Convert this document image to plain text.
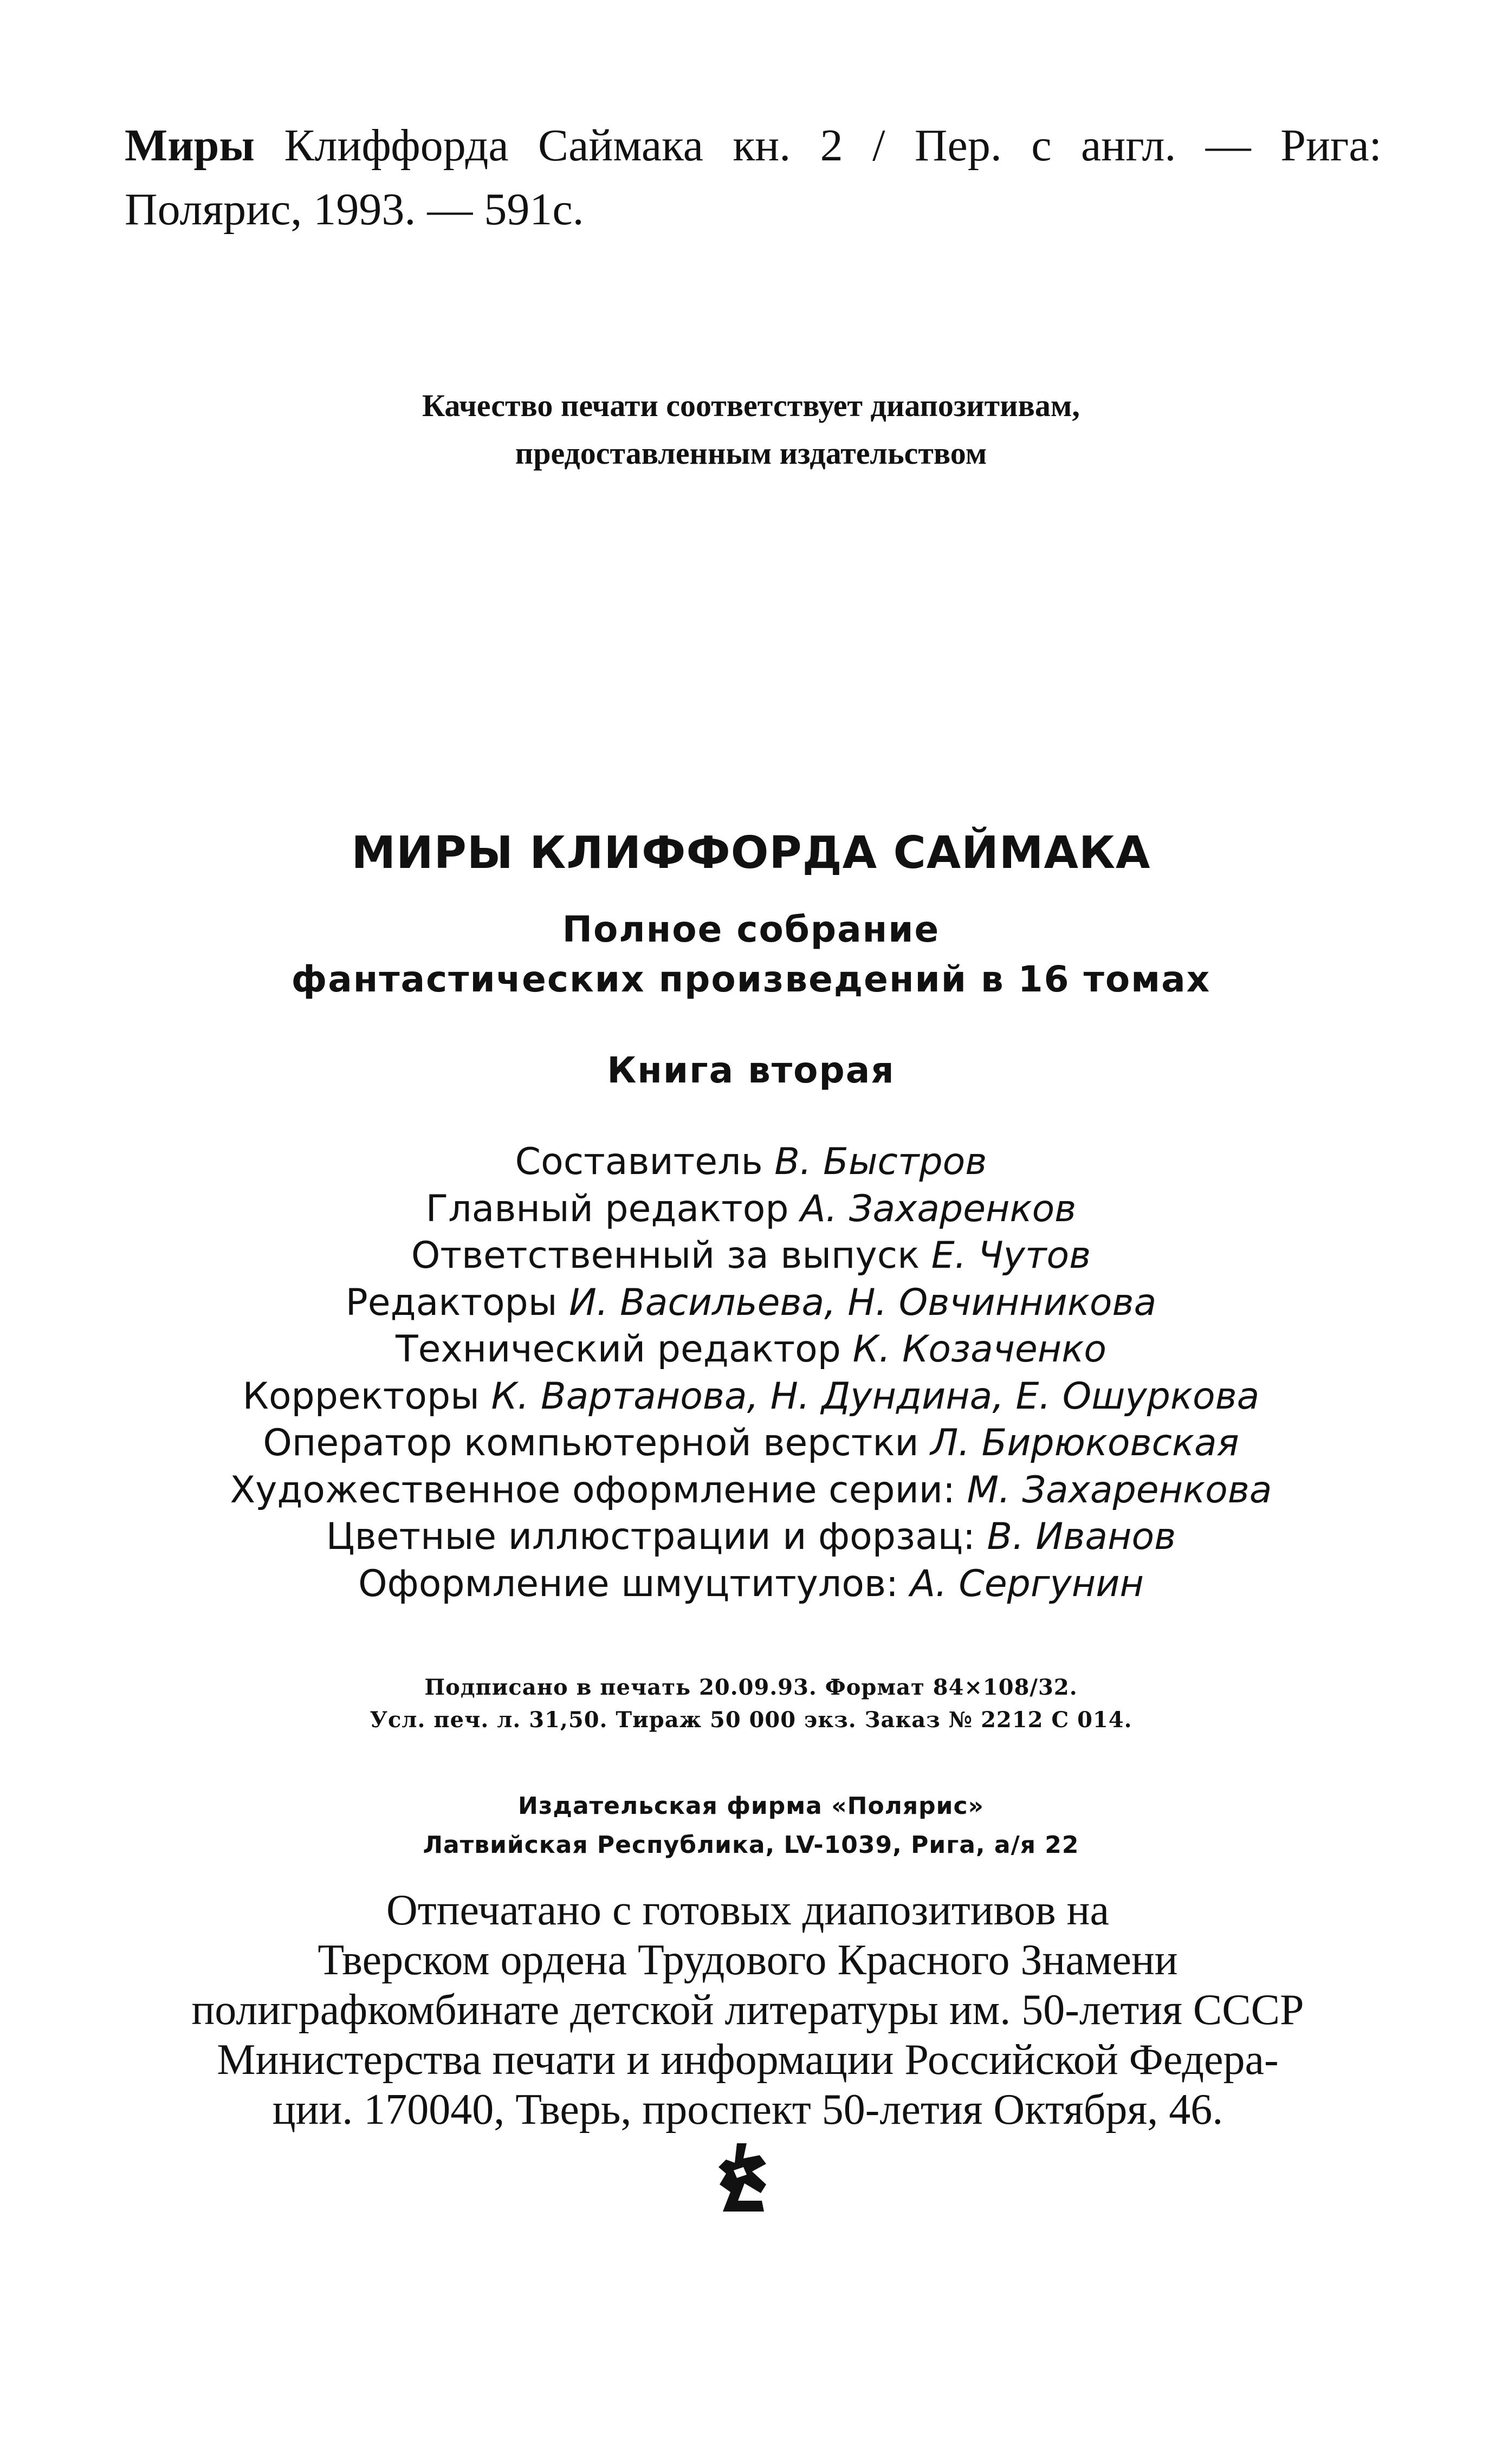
Миры Клиффорда Саймака кн. 2 / Пер. с англ. — Рига: Полярис, 1993. — 591с.
Качество печати соответствует диапозитивам,
предоставленным издательством
МИРЫ КЛИФФОРДА САЙМАКА
Полное собрание
фантастических произведений в 16 томах
Книга вторая
Составитель В. Быстров
Главный редактор А. Захаренков
Ответственный за выпуск Е. Чутов
Редакторы И. Васильева, Н. Овчинникова
Технический редактор К. Козаченко
Корректоры К. Вартанова, Н. Дундина, Е. Ошуркова
Оператор компьютерной верстки Л. Бирюковская
Художественное оформление серии: М. Захаренкова
Цветные иллюстрации и форзац: В. Иванов
Оформление шмуцтитулов: А. Сергунин
Подписано в печать 20.09.93. Формат 84×108/32.
Усл. печ. л. 31,50. Тираж 50 000 экз. Заказ № 2212 С 014.
Издательская фирма «Полярис»
Латвийская Республика, LV-1039, Рига, а/я 22
Отпечатано с готовых диапозитивов на
Тверском ордена Трудового Красного Знамени
полиграфкомбинате детской литературы им. 50-летия СССР
Министерства печати и информации Российской Федера-
ции. 170040, Тверь, проспект 50-летия Октября, 46.
